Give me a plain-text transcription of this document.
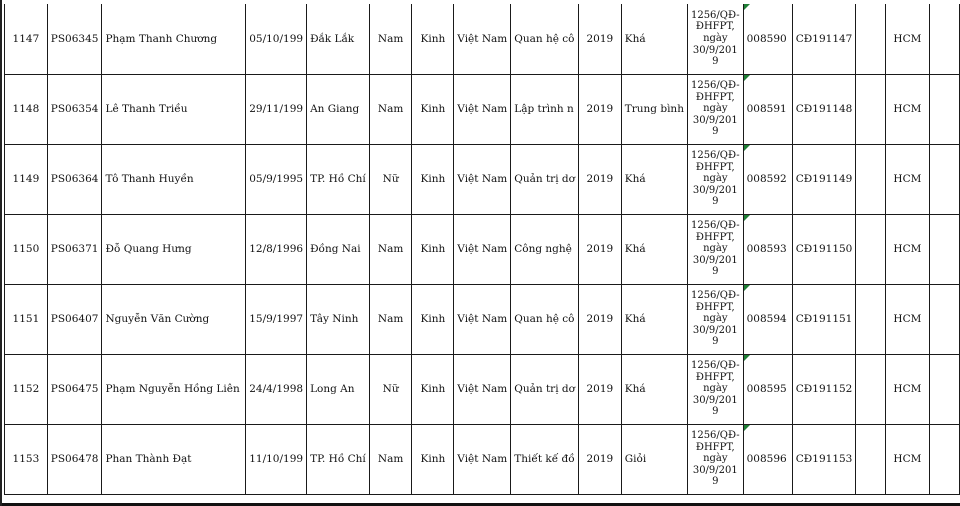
1147	PS06345	Phạm Thanh Chương	05/10/199	Đắk Lắk	Nam	Kinh	Việt Nam	Quan hệ cô	2019	Khá	1256/QĐ-
ĐHFPT,
ngày
30/9/201
9	008590	CĐ191147		HCM	
1148	PS06354	Lê Thanh Triều	29/11/199	An Giang	Nam	Kinh	Việt Nam	Lập trình n	2019	Trung bình	1256/QĐ-
ĐHFPT,
ngày
30/9/201
9	008591	CĐ191148		HCM	
1149	PS06364	Tô Thanh Huyền	05/9/1995	TP. Hồ Chí	Nữ	Kinh	Việt Nam	Quản trị dơ	2019	Khá	1256/QĐ-
ĐHFPT,
ngày
30/9/201
9	008592	CĐ191149		HCM	
1150	PS06371	Đỗ Quang Hưng	12/8/1996	Đồng Nai	Nam	Kinh	Việt Nam	Công nghệ	2019	Khá	1256/QĐ-
ĐHFPT,
ngày
30/9/201
9	008593	CĐ191150		HCM	
1151	PS06407	Nguyễn Văn Cường	15/9/1997	Tây Ninh	Nam	Kinh	Việt Nam	Quan hệ cô	2019	Khá	1256/QĐ-
ĐHFPT,
ngày
30/9/201
9	008594	CĐ191151		HCM	
1152	PS06475	Phạm Nguyễn Hồng Liên	24/4/1998	Long An	Nữ	Kinh	Việt Nam	Quản trị dơ	2019	Khá	1256/QĐ-
ĐHFPT,
ngày
30/9/201
9	008595	CĐ191152		HCM	
1153	PS06478	Phan Thành Đạt	11/10/199	TP. Hồ Chí	Nam	Kinh	Việt Nam	Thiết kế đồ	2019	Giỏi	1256/QĐ-
ĐHFPT,
ngày
30/9/201
9	008596	CĐ191153		HCM	
